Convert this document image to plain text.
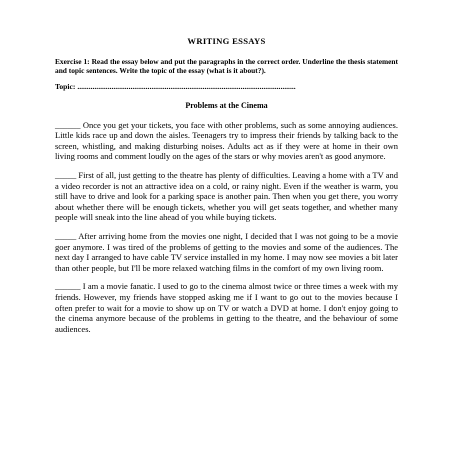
WRITING ESSAYS
Exercise 1: Read the essay below and put the paragraphs in the correct order. Underline the thesis statement and topic sentences. Write the topic of the essay (what is it about?).
Topic: ...................................................................................................................
Problems at the Cinema

______ Once you get your tickets, you face with other problems, such as some annoying audiences. Little kids race up and down the aisles. Teenagers try to impress their friends by talking back to the screen, whistling, and making disturbing noises. Adults act as if they were at home in their own living rooms and comment loudly on the ages of the stars or why movies aren't as good anymore.

_____ First of all, just getting to the theatre has plenty of difficulties. Leaving a home with a TV and a video recorder is not an attractive idea on a cold, or rainy night. Even if the weather is warm, you still have to drive and look for a parking space is another pain. Then when you get there, you worry about whether there will be enough tickets, whether you will get seats together, and whether many people will sneak into the line ahead of you while buying tickets.

_____ After arriving home from the movies one night, I decided that I was not going to be a movie goer anymore. I was tired of the problems of getting to the movies and some of the audiences. The next day I arranged to have cable TV service installed in my home. I may now see movies a bit later than other people, but I'll be more relaxed watching films in the comfort of my own living room.

______ I am a movie fanatic. I used to go to the cinema almost twice or three times a week with my friends. However, my friends have stopped asking me if I want to go out to the movies because I often prefer to wait for a movie to show up on TV or watch a DVD at home. I don't enjoy going to the cinema anymore because of the problems in getting to the theatre, and the behaviour of some audiences.
